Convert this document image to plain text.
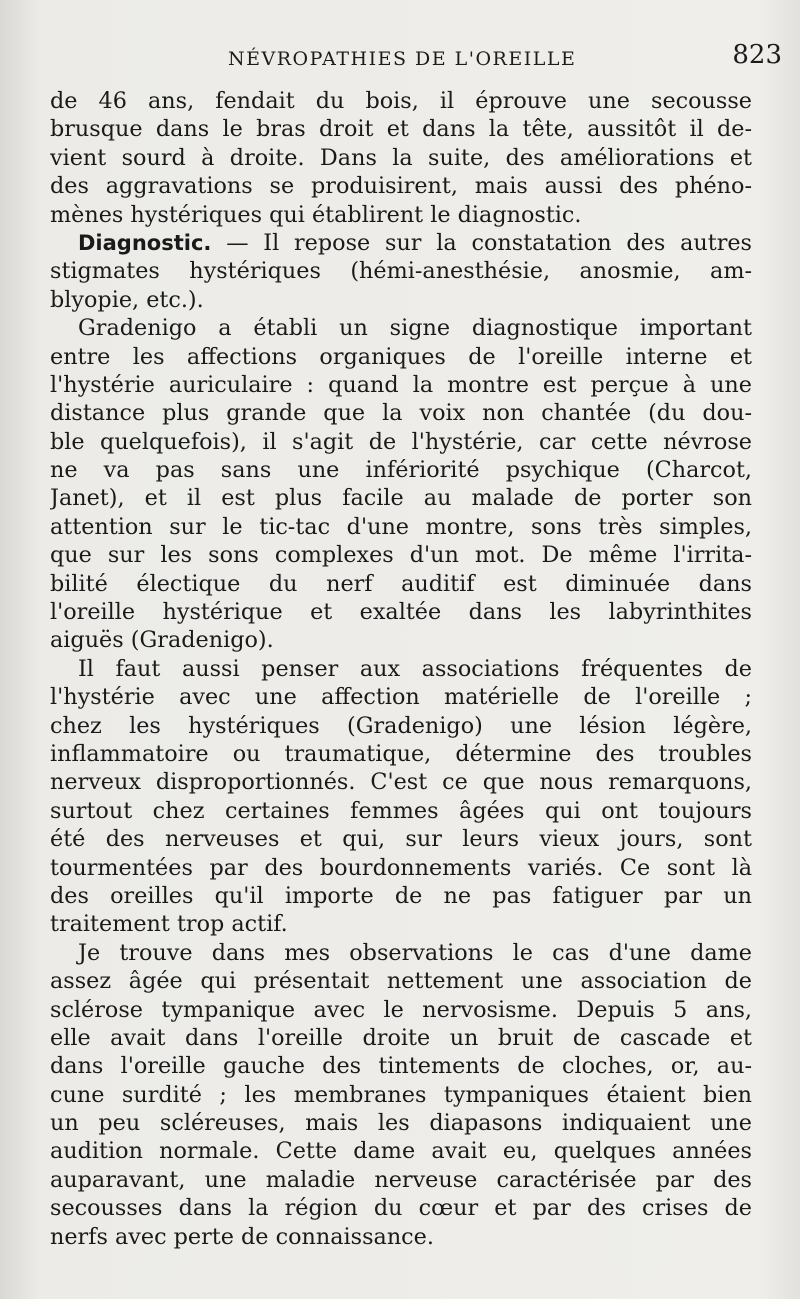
NÉVROPATHIES DE L'OREILLE	823
de 46 ans, fendait du bois, il éprouve une secousse
brusque dans le bras droit et dans la tête, aussitôt il de-
vient sourd à droite. Dans la suite, des améliorations et
des aggravations se produisirent, mais aussi des phéno-
mènes hystériques qui établirent le diagnostic.
Diagnostic. — Il repose sur la constatation des autres
stigmates hystériques (hémi-anesthésie, anosmie, am-
blyopie, etc.).
Gradenigo a établi un signe diagnostique important
entre les affections organiques de l'oreille interne et
l'hystérie auriculaire : quand la montre est perçue à une
distance plus grande que la voix non chantée (du dou-
ble quelquefois), il s'agit de l'hystérie, car cette névrose
ne va pas sans une infériorité psychique (Charcot,
Janet), et il est plus facile au malade de porter son
attention sur le tic-tac d'une montre, sons très simples,
que sur les sons complexes d'un mot. De même l'irrita-
bilité électique du nerf auditif est diminuée dans
l'oreille hystérique et exaltée dans les labyrinthites
aiguës (Gradenigo).
Il faut aussi penser aux associations fréquentes de
l'hystérie avec une affection matérielle de l'oreille ;
chez les hystériques (Gradenigo) une lésion légère,
inflammatoire ou traumatique, détermine des troubles
nerveux disproportionnés. C'est ce que nous remarquons,
surtout chez certaines femmes âgées qui ont toujours
été des nerveuses et qui, sur leurs vieux jours, sont
tourmentées par des bourdonnements variés. Ce sont là
des oreilles qu'il importe de ne pas fatiguer par un
traitement trop actif.
Je trouve dans mes observations le cas d'une dame
assez âgée qui présentait nettement une association de
sclérose tympanique avec le nervosisme. Depuis 5 ans,
elle avait dans l'oreille droite un bruit de cascade et
dans l'oreille gauche des tintements de cloches, or, au-
cune surdité ; les membranes tympaniques étaient bien
un peu scléreuses, mais les diapasons indiquaient une
audition normale. Cette dame avait eu, quelques années
auparavant, une maladie nerveuse caractérisée par des
secousses dans la région du cœur et par des crises de
nerfs avec perte de connaissance.
